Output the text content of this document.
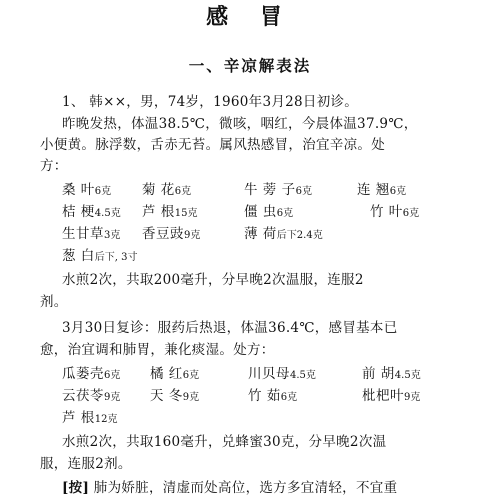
感 冒
一、辛凉解表法
1、 韩××，男，74岁，1960年3月28日初诊。
昨晚发热，体温38.5℃，微咳，咽红，今晨体温37.9℃，
小便黄。脉浮数，舌赤无苔。属风热感冒，治宜辛凉。处
方：
桑 叶6克 菊 花6克	牛 蒡 子6克	连 翘6克
桔 梗4.5克 芦 根15克	僵 虫6克	竹 叶6克
生甘草3克 香豆豉9克	薄 荷后下2.4克
葱 白后下, 3寸
水煎2次，共取200毫升，分早晚2次温服，连服2
剂。
3月30日复诊：服药后热退，体温36.4℃，感冒基本已
愈，治宜调和肺胃，兼化痰湿。处方：
瓜蒌壳6克 橘 红6克	川贝母4.5克	前 胡4.5克
云茯苓9克 天 冬9克	竹 茹6克	枇杷叶9克
芦 根12克
水煎2次，共取160毫升，兑蜂蜜30克，分早晚2次温
服，连服2剂。
[按] 肺为娇脏，清虚而处高位，选方多宜清轻，不宜重
